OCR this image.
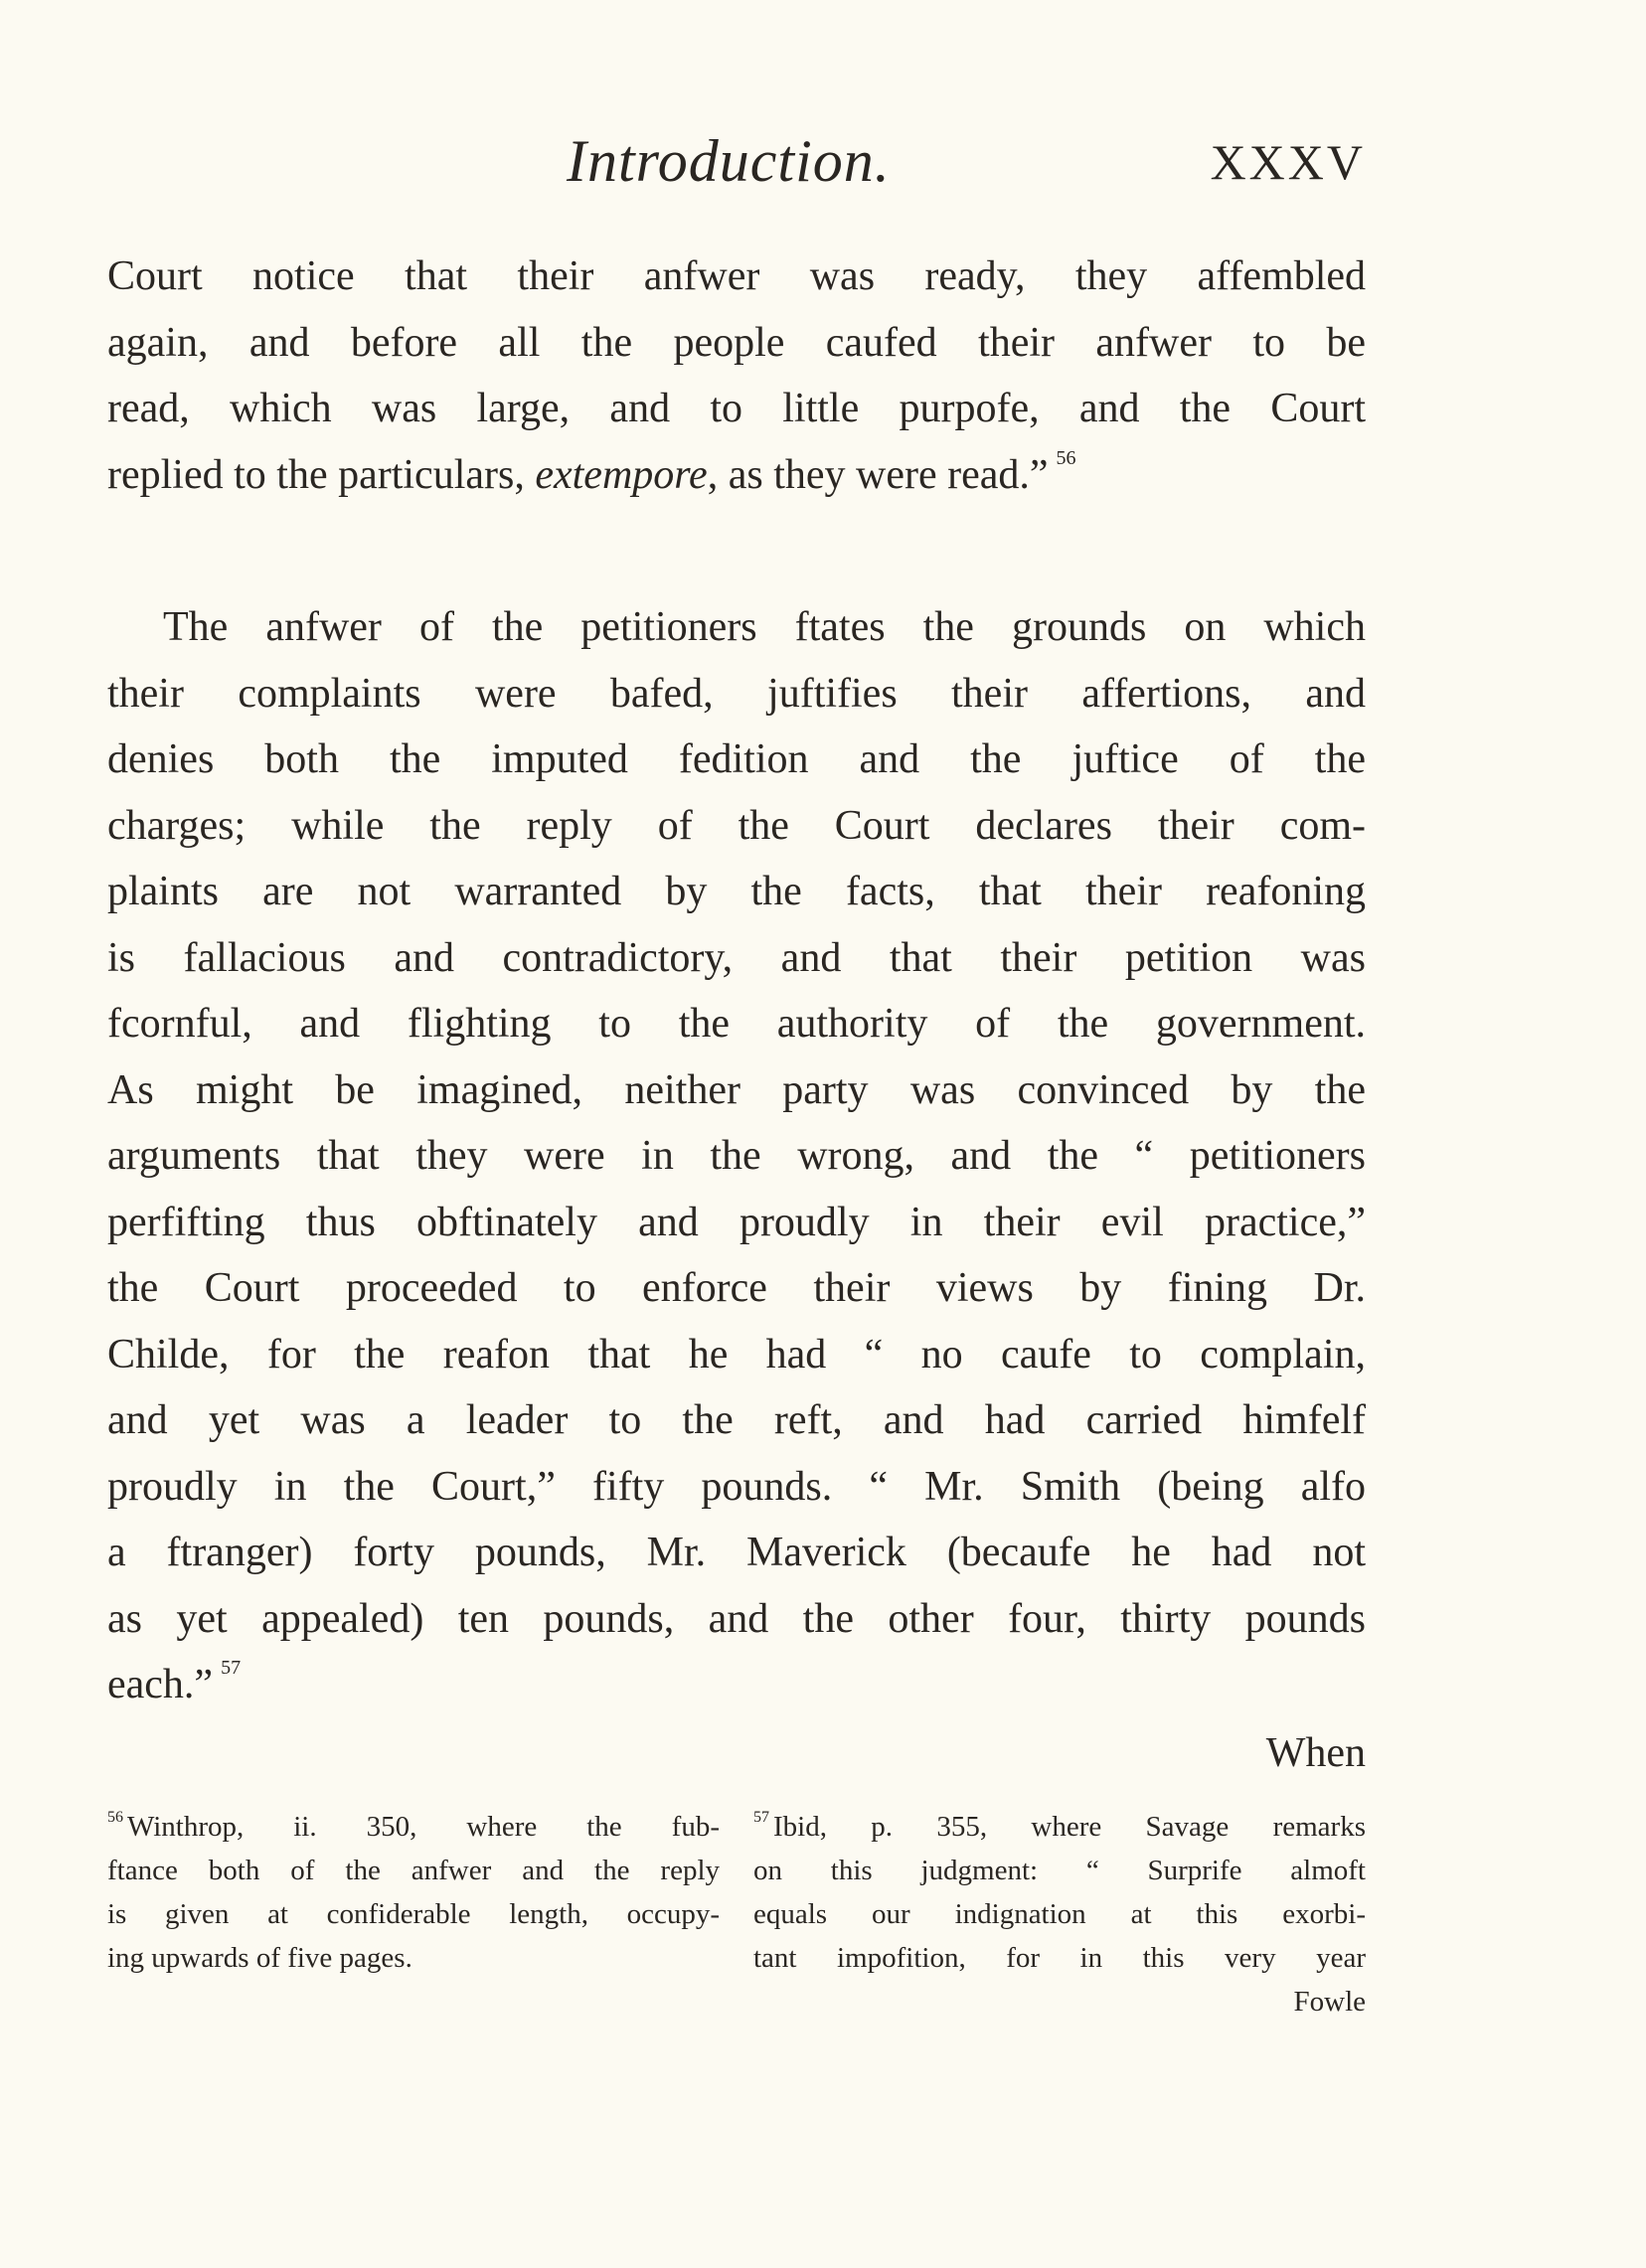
Introduction.	XXXV
Court notice that their anfwer was ready, they affembled
again, and before all the people caufed their anfwer to be
read, which was large, and to little purpofe, and the Court
replied to the particulars, extempore, as they were read.” $^{56}$
The anfwer of the petitioners ftates the grounds on which
their complaints were bafed, juftifies their affertions, and
denies both the imputed fedition and the juftice of the
charges; while the reply of the Court declares their com-
plaints are not warranted by the facts, that their reafoning
is fallacious and contradictory, and that their petition was
fcornful, and flighting to the authority of the government.
As might be imagined, neither party was convinced by the
arguments that they were in the wrong, and the “ petitioners
perfifting thus obftinately and proudly in their evil practice,”
the Court proceeded to enforce their views by fining Dr.
Childe, for the reafon that he had “ no caufe to complain,
and yet was a leader to the reft, and had carried himfelf
proudly in the Court,” fifty pounds. “ Mr. Smith (being alfo
a ftranger) forty pounds, Mr. Maverick (becaufe he had not
as yet appealed) ten pounds, and the other four, thirty pounds
each.” $^{57}$
When
$^{56}$ Winthrop, ii. 350, where the fub-
ftance both of the anfwer and the reply
is given at confiderable length, occupy-
ing upwards of five pages.
$^{57}$ Ibid, p. 355, where Savage remarks
on this judgment: “ Surprife almoft
equals our indignation at this exorbi-
tant impofition, for in this very year
Fowle
